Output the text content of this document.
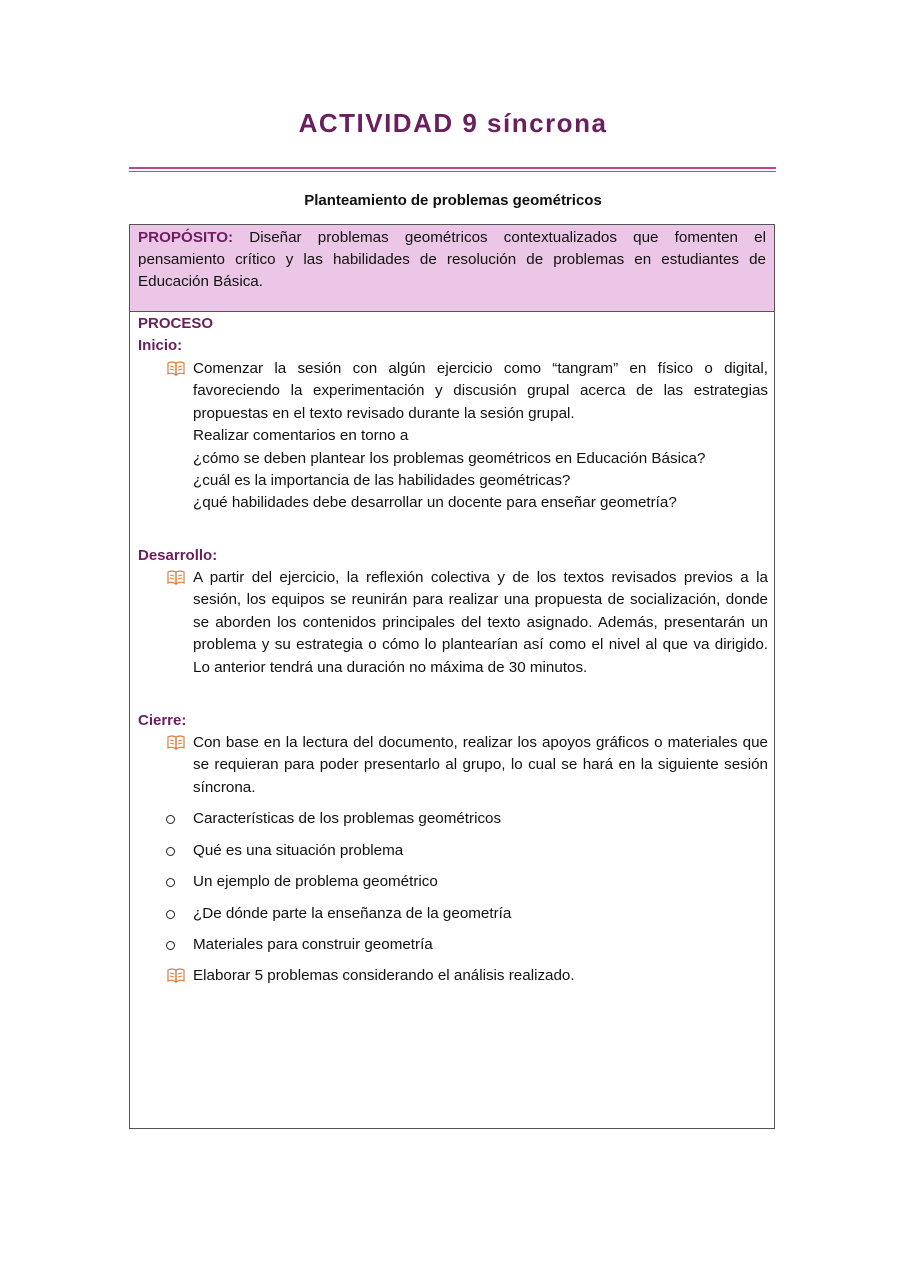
ACTIVIDAD 9 síncrona
Planteamiento de problemas geométricos
PROPÓSITO: Diseñar problemas geométricos contextualizados que fomenten el pensamiento crítico y las habilidades de resolución de problemas en estudiantes de Educación Básica.
PROCESO
Inicio:

Comenzar la sesión con algún ejercicio como “tangram” en físico o digital, favoreciendo la experimentación y discusión grupal acerca de las estrategias propuestas en el texto revisado durante la sesión grupal.

Realizar comentarios en torno a

¿cómo se deben plantear los problemas geométricos en Educación Básica?

¿cuál es la importancia de las habilidades geométricas?

¿qué habilidades debe desarrollar un docente para enseñar geometría?

Desarrollo:
A partir del ejercicio, la reflexión colectiva y de los textos revisados previos a la sesión, los equipos se reunirán para realizar una propuesta de socialización, donde se aborden los contenidos principales del texto asignado. Además, presentarán un problema y su estrategia o cómo lo plantearían así como el nivel al que va dirigido. Lo anterior tendrá una duración no máxima de 30 minutos.
Cierre:
Con base en la lectura del documento, realizar los apoyos gráficos o materiales que se requieran para poder presentarlo al grupo, lo cual se hará en la siguiente sesión síncrona.
Características de los problemas geométricos
Qué es una situación problema
Un ejemplo de problema geométrico
¿De dónde parte la enseñanza de la geometría
Materiales para construir geometría
Elaborar 5 problemas considerando el análisis realizado.
